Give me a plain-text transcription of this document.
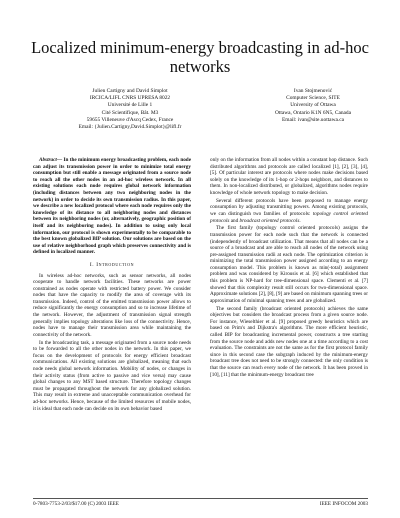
Localized minimum-energy broadcasting in ad-hoc networks
Julien Cartigny and David Simplot
IRCICA/LIFL CNRS UPRESA 8022
Université de Lille 1
Cité Scientifique, Bât. M3
59655 Villeneuve d'Ascq Cedex, France
Email: {Julien.Cartigny,David.Simplot}@lifl.fr
Ivan Stojmenović
Computer Science, SITE
University of Ottawa
Ottawa, Ontario K1N 6N5, Canada
Email: ivan@site.uottawa.ca

Abstract— In the minimum energy broadcasting problem, each node can adjust its transmission power in order to minimize total energy consumption but still enable a message originated from a source node to reach all the other nodes in an ad-hoc wireless network. In all existing solutions each node requires global network information (including distances between any two neighboring nodes in the network) in order to decide its own transmission radius. In this paper, we describe a new localized protocol where each node requires only the knowledge of its distance to all neighboring nodes and distances between its neighboring nodes (or, alternatively, geographic position of itself and its neighboring nodes). In addition to using only local information, our protocol is shown experimentally to be comparable to the best known globalized BIP solution. Our solutions are based on the use of relative neighborhood graph which preserves connectivity and is defined in localized manner.

I. Introduction

In wireless ad-hoc networks, such as sensor networks, all nodes cooperate to handle network facilities. These networks are power constrained as nodes operate with restricted battery power. We consider nodes that have the capacity to modify the area of coverage with its transmission. Indeed, control of the emitted transmission power allows to reduce significantly the energy consumption and so to increase lifetime of the network. However, the adjustment of transmission signal strength generally implies topology alterations like loss of the connectivity. Hence, nodes have to manage their transmission area while maintaining the connectivity of the network.

In the broadcasting task, a message originated from a source node needs to be forwarded to all the other nodes in the network. In this paper, we focus on the development of protocols for energy efficient broadcast communications. All existing solutions are globalized, meaning that each node needs global network information. Mobility of nodes, or changes in their activity status (from active to passive and vice versa) may cause global changes to any MST based structure. Therefore topology changes must be propagated throughout the network for any globalized solution. This may result in extreme and unacceptable communication overhead for ad-hoc networks. Hence, because of the limited resources of mobile nodes, it is ideal that each node can decide on its own behavior based

only on the information from all nodes within a constant hop distance. Such distributed algorithms and protocols are called localized [1], [2], [3], [4], [5]. Of particular interest are protocols where nodes make decisions based solely on the knowledge of its 1-hop or 2-hops neighbors, and distances to them. In non-localized distributed, or globalized, algorithms nodes require knowledge of whole network topology to make decision.

Several different protocols have been proposed to manage energy consumption by adjusting transmitting powers. Among existing protocols, we can distinguish two families of protocols: topology control oriented protocols and broadcast oriented protocols.

The first family (topology control oriented protocols) assigns the transmission power for each node such that the network is connected (independently of broadcast utilization. That means that all nodes can be a source of a broadcast and are able to reach all nodes of the network using pre-assigned transmission radii at each node. The optimization criterion is minimizing the total transmission power assigned according to an energy consumption model. This problem is known as min(-total) assignment problem and was considered by Kirousis et al. [6] which established that this problem is NP-hard for tree-dimensional space. Clementi et al. [7] showed that this complexity result still occurs for two-dimensional space. Approximate solutions [2], [8], [9] are based on minimum spanning trees or approximation of minimal spanning trees and are globalized.

The second family (broadcast oriented protocols) achieves the same objectives but considers the broadcast process from a given source node. For instance, Wieselthier et al. [9] proposed greedy heuristics which are based on Prim's and Dijkstra's algorithms. The more efficient heuristic, called BIP for broadcasting incremental power, constructs a tree starting from the source node and adds new nodes one at a time according to a cost evaluation. The constraints are not the same as for the first protocol family since in this second case the subgraph induced by the minimum-energy broadcast tree does not need to be strongly connected: the only condition is that the source can reach every node of the network. It has been proved in [10], [11] that the minimum-energy broadcast tree

0-7803-7753-2/03/$17.00 (C) 2003 IEEE	IEEE INFOCOM 2003
